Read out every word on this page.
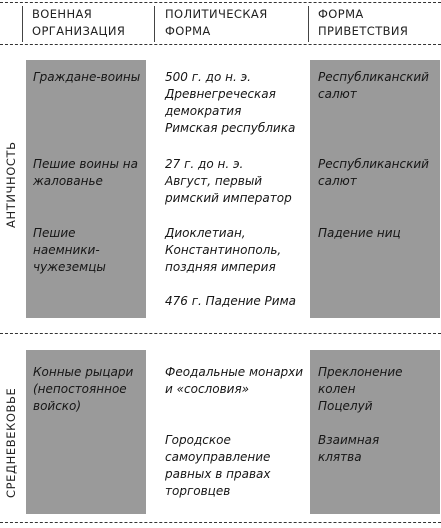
ВОЕННАЯ
ОРГАНИЗАЦИЯ
ПОЛИТИЧЕСКАЯ
ФОРМА
ФОРМА
ПРИВЕТСТВИЯ
АНТИЧНОСТЬ
Граждане-воины
Пешие воины на жалованье
Пешие наемники-чужеземцы
500 г. до н. э.
Древнегреческая
демократия
Римская республика
27 г. до н. э.
Август, первый
римский император
Диоклетиан,
Константинополь,
поздняя империя
476 г. Падение Рима
Республиканский салют
Республиканский салют
Падение ниц
СРЕДНЕВЕКОВЬЕ
Конные рыцари
(непостоянное
войско)
Феодальные монархи
и «сословия»
Городское
самоуправление
равных в правах
торговцев
Преклонение
колен
Поцелуй
Взаимная
клятва
